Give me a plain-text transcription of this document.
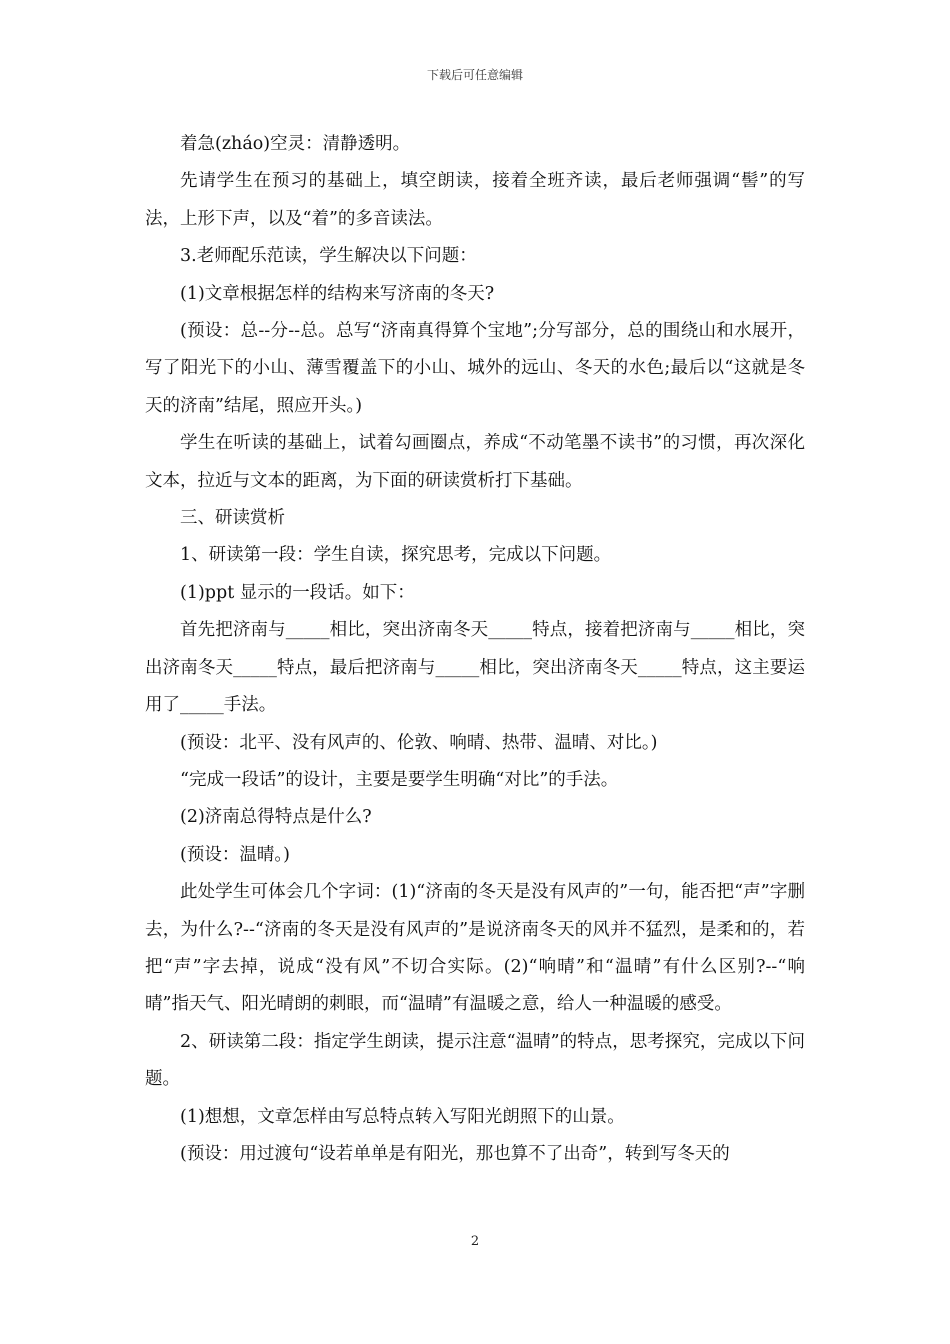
下载后可任意编辑

着急(zháo)空灵：清静透明。

先请学生在预习的基础上，填空朗读，接着全班齐读，最后老师强调“髻”的写法，上形下声，以及“着”的多音读法。

3.老师配乐范读，学生解决以下问题：

(1)文章根据怎样的结构来写济南的冬天?

(预设：总--分--总。总写“济南真得算个宝地”;分写部分，总的围绕山和水展开，写了阳光下的小山、薄雪覆盖下的小山、城外的远山、冬天的水色;最后以“这就是冬天的济南”结尾，照应开头。)

学生在听读的基础上，试着勾画圈点，养成“不动笔墨不读书”的习惯，再次深化文本，拉近与文本的距离，为下面的研读赏析打下基础。

三、研读赏析

1、研读第一段：学生自读，探究思考，完成以下问题。

(1)ppt 显示的一段话。如下：

首先把济南与_____相比，突出济南冬天_____特点，接着把济南与_____相比，突出济南冬天_____特点，最后把济南与_____相比，突出济南冬天_____特点，这主要运用了_____手法。

(预设：北平、没有风声的、伦敦、响晴、热带、温晴、对比。)

“完成一段话”的设计，主要是要学生明确“对比”的手法。

(2)济南总得特点是什么?

(预设：温晴。)

此处学生可体会几个字词：(1)“济南的冬天是没有风声的”一句，能否把“声”字删去，为什么?--“济南的冬天是没有风声的”是说济南冬天的风并不猛烈，是柔和的，若把“声”字去掉，说成“没有风”不切合实际。(2)“响晴”和“温晴”有什么区别?--“响晴”指天气、阳光晴朗的刺眼，而“温晴”有温暖之意，给人一种温暖的感受。

2、研读第二段：指定学生朗读，提示注意“温晴”的特点，思考探究，完成以下问题。

(1)想想，文章怎样由写总特点转入写阳光朗照下的山景。

(预设：用过渡句“设若单单是有阳光，那也算不了出奇”，转到写冬天的

2
